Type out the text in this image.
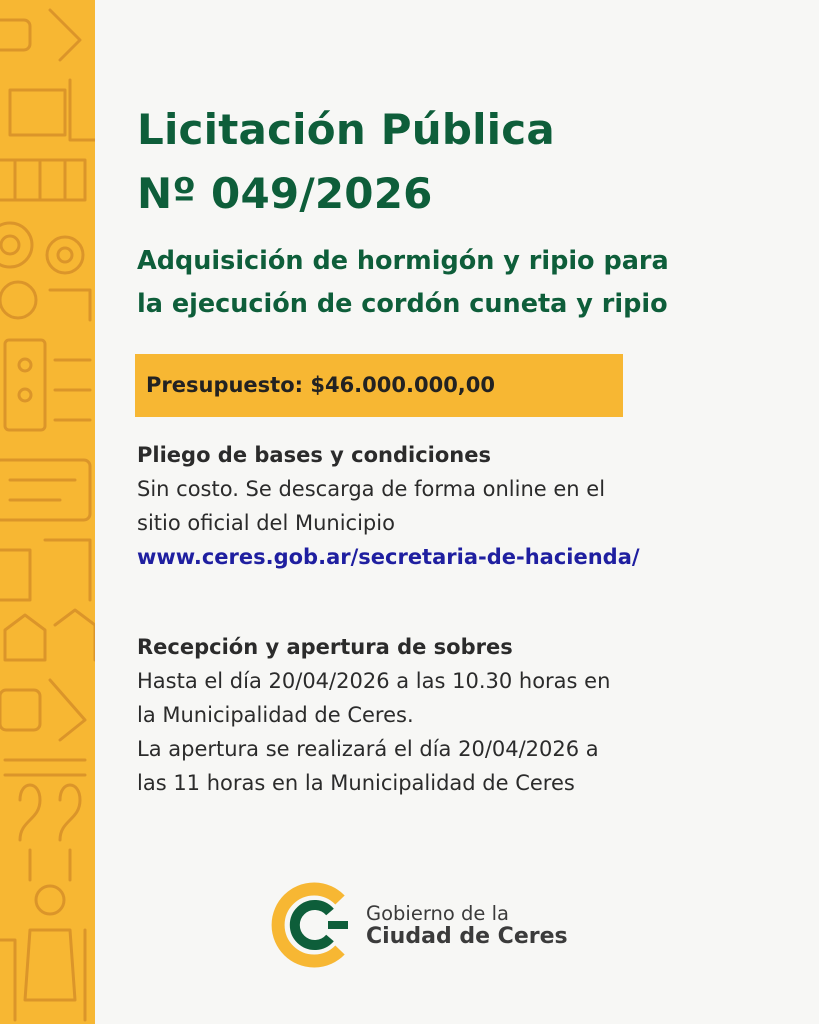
Licitación Pública
Nº 049/2026
Adquisición de hormigón y ripio para
la ejecución de cordón cuneta y ripio
Presupuesto: $46.000.000,00
Pliego de bases y condiciones
Sin costo. Se descarga de forma online en el
sitio oficial del Municipio
www.ceres.gob.ar/secretaria-de-hacienda/
Recepción y apertura de sobres
Hasta el día 20/04/2026 a las 10.30 horas en
la Municipalidad de Ceres.
La apertura se realizará el día 20/04/2026 a
las 11 horas en la Municipalidad de Ceres
Gobierno de la
Ciudad de Ceres
